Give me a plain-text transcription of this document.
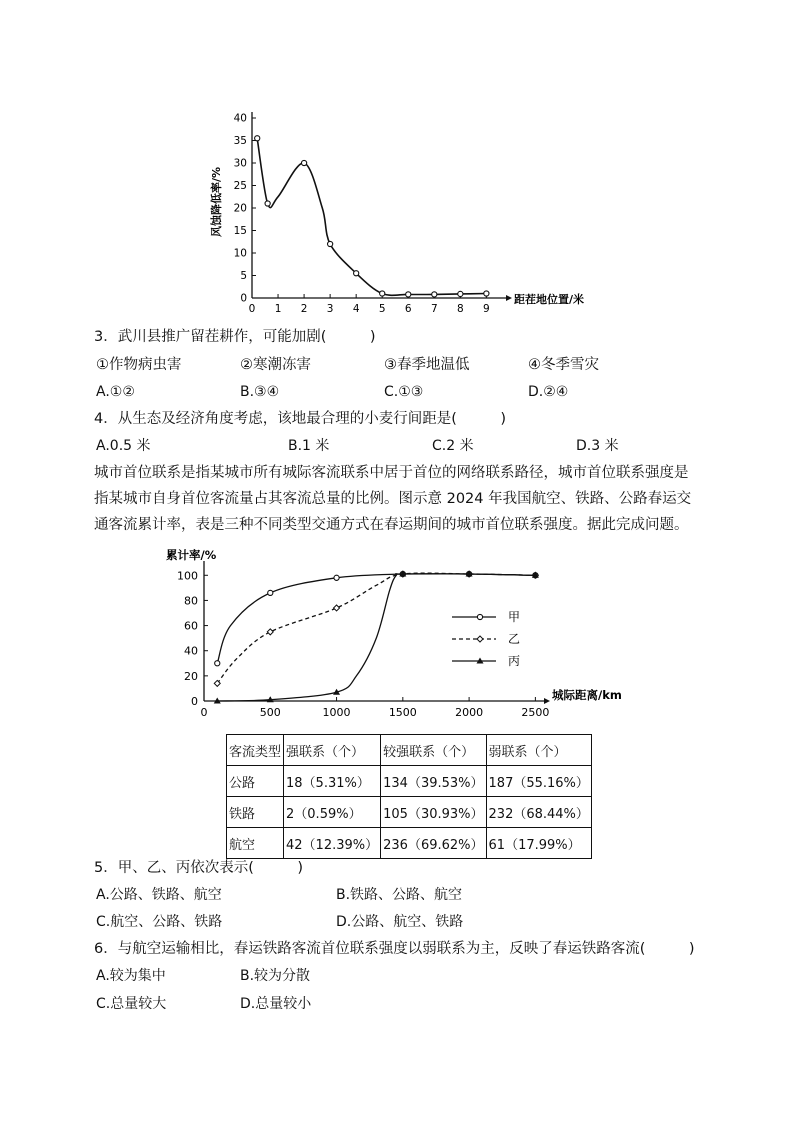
0
5
10
15
20
25
30
35
40
0 1 2 3 4 5 6 7 8 9
距茬地位置/米
风蚀降低率/%
3．武川县推广留茬耕作，可能加剧(　　　)
①作物病虫害	②寒潮冻害	③春季地温低	④冬季雪灾
A.①②	B.③④	C.①③	D.②④
4．从生态及经济角度考虑，该地最合理的小麦行间距是(　　　)
A.0.5 米	B.1 米	C.2 米	D.3 米
城市首位联系是指某城市所有城际客流联系中居于首位的网络联系路径，城市首位联系强度是指某城市自身首位客流量占其客流总量的比例。图示意 2024 年我国航空、铁路、公路春运交通客流累计率，表是三种不同类型交通方式在春运期间的城市首位联系强度。据此完成问题。
0
20
40
60
80
100
0	500	1000	1500	2000	2500
城际距离/km
累计率/%
甲
乙
丙
客流类型	强联系（个）	较强联系（个）	弱联系（个）
公路	18（5.31%）	134（39.53%）	187（55.16%）
铁路	2（0.59%）	105（30.93%）	232（68.44%）
航空	42（12.39%）	236（69.62%）	61（17.99%）
5．甲、乙、丙依次表示(　　　)
A.公路、铁路、航空	B.铁路、公路、航空
C.航空、公路、铁路	D.公路、航空、铁路
6．与航空运输相比，春运铁路客流首位联系强度以弱联系为主，反映了春运铁路客流(　　　)
A.较为集中	B.较为分散
C.总量较大	D.总量较小
